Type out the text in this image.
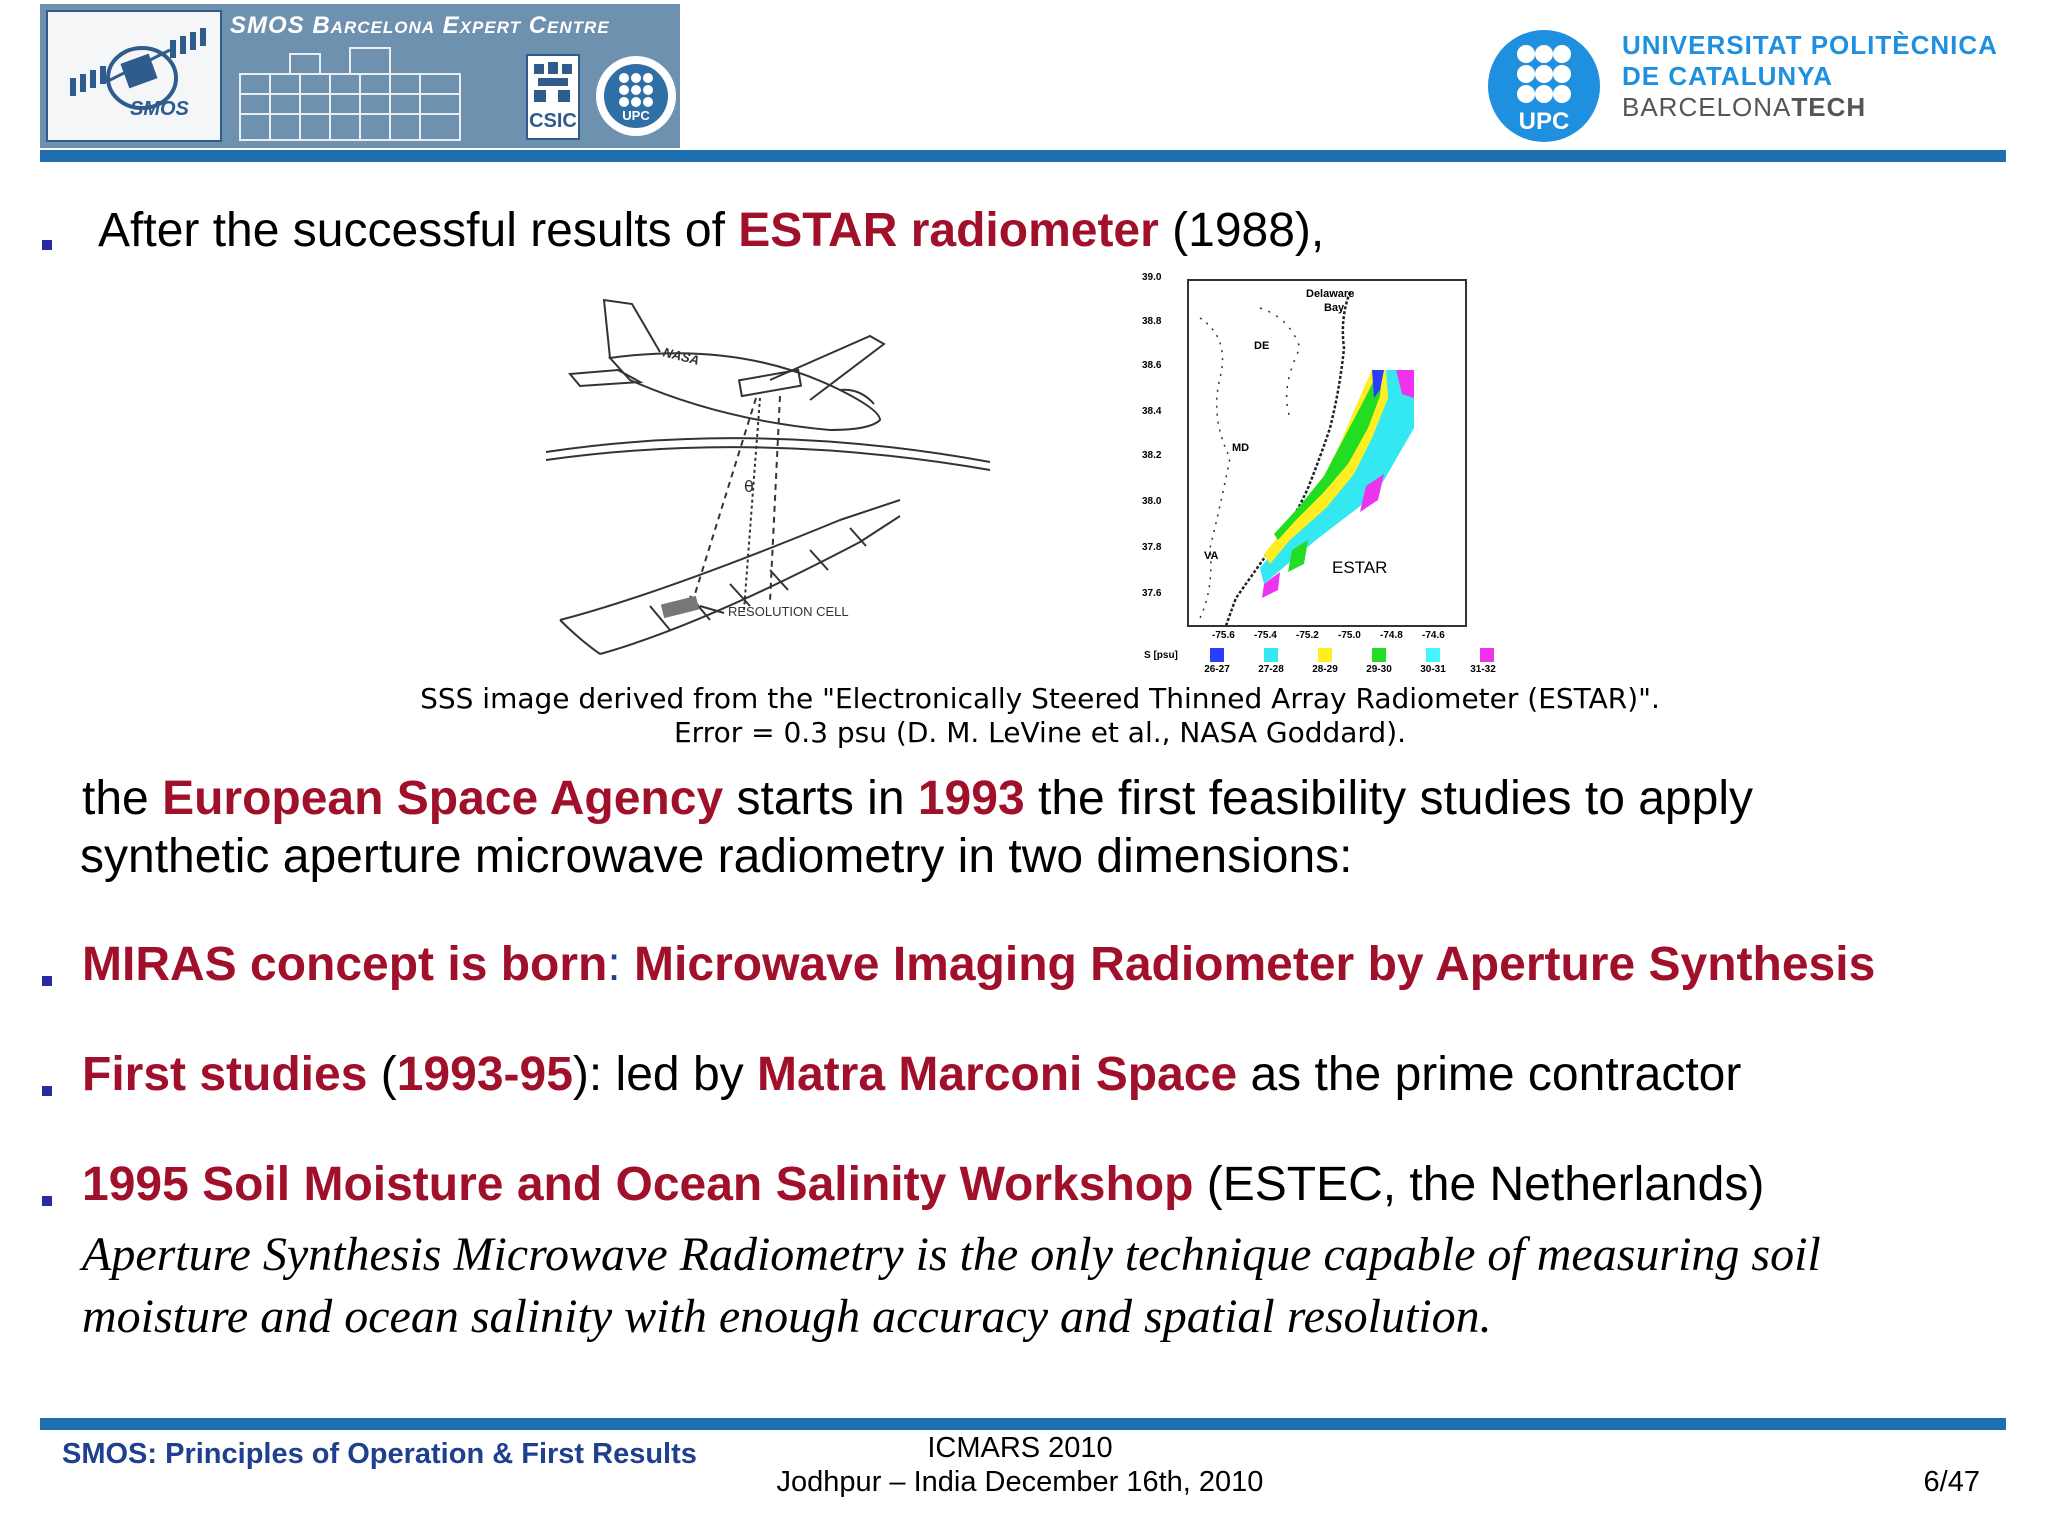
SMOS
SMOS Barcelona Expert Centre
CSIC	UPC	UPC
UNIVERSITAT POLITÈCNICA
DE CATALUNYA
BARCELONATECH
After the successful results of ESTAR radiometer (1988),
NASA
θ
RESOLUTION CELL
39.0
38.8
38.6
38.4
38.2
38.0
37.8
37.6
-75.6 -75.4 -75.2 -75.0 -74.8 -74.6
Delaware
Bay
DE
MD
VA
ESTAR
S [psu]
26-27	27-28	28-29	29-30	30-31	31-32
SSS image derived from the "Electronically Steered Thinned Array Radiometer (ESTAR)".
Error = 0.3 psu (D. M. LeVine et al., NASA Goddard).
the European Space Agency starts in 1993 the first feasibility studies to apply
synthetic aperture microwave radiometry in two dimensions:
MIRAS concept is born: Microwave Imaging Radiometer by Aperture Synthesis
First studies (1993-95): led by Matra Marconi Space as the prime contractor
1995 Soil Moisture and Ocean Salinity Workshop (ESTEC, the Netherlands)
Aperture Synthesis Microwave Radiometry is the only technique capable of measuring soil
moisture and ocean salinity with enough accuracy and spatial resolution.
SMOS: Principles of Operation & First Results	ICMARS 2010
Jodhpur – India December 16th, 2010	6/47
